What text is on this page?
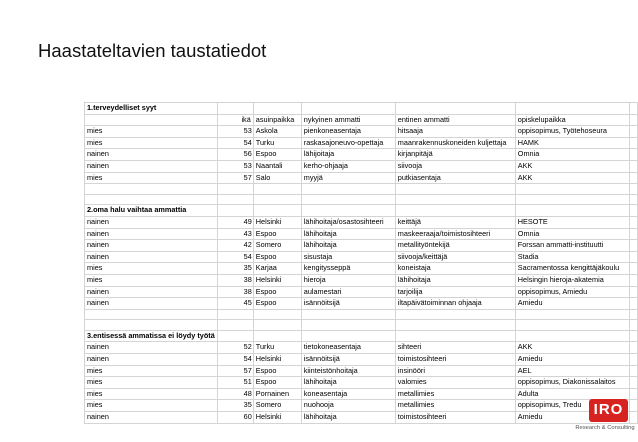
Haastateltavien taustatiedot
1.terveydelliset syyt						
	ikä	asuinpaikka	nykyinen ammatti	entinen ammatti	opiskelupaikka	
mies	53	Askola	pienkoneasentaja	hitsaaja	oppisopimus, Työtehoseura	
mies	54	Turku	raskasajoneuvo-opettaja	maanrakennuskoneiden kuljettaja	HAMK	
nainen	56	Espoo	lähijoitaja	kirjanpitäjä	Omnia	
nainen	53	Naantali	kerho-ohjaaja	siivooja	AKK	
mies	57	Salo	myyjä	putkiasentaja	AKK	

2.oma halu vaihtaa ammattia						
nainen	49	Helsinki	lähihoitaja/osastosihteeri	keittäjä	HESOTE	
nainen	43	Espoo	lähihoitaja	maskeeraaja/toimistosihteeri	Omnia	
nainen	42	Somero	lähihoitaja	metallityöntekijä	Forssan ammatti-instituutti	
nainen	54	Espoo	sisustaja	siivooja/keittäjä	Stadia	
mies	35	Karjaa	kengitysseppä	koneistaja	Sacramentossa kengittäjäkoulu	
mies	38	Helsinki	hieroja	lähihoitaja	Helsingin hieroja-akatemia	
nainen	38	Espoo	aulamestari	tarjoilija	oppisopimus, Amiedu	
nainen	45	Espoo	isännöitsijä	iltapäivätoiminnan ohjaaja	Amiedu	

3.entisessä ammatissa ei löydy työtä						
nainen	52	Turku	tietokoneasentaja	sihteeri	AKK	
nainen	54	Helsinki	isännöitsijä	toimistosihteeri	Amiedu	
mies	57	Espoo	kiinteistönhoitaja	insinööri	AEL	
mies	51	Espoo	lähihoitaja	valomies	oppisopimus, Diakonissalaitos	
mies	48	Pornainen	koneasentaja	metallimies	Adulta	
mies	35	Somero	nuohooja	metallimies	oppisopimus, Tredu	
nainen	60	Helsinki	lähihoitaja	toimistosihteeri	Amiedu		IRO
Research & Consulting
